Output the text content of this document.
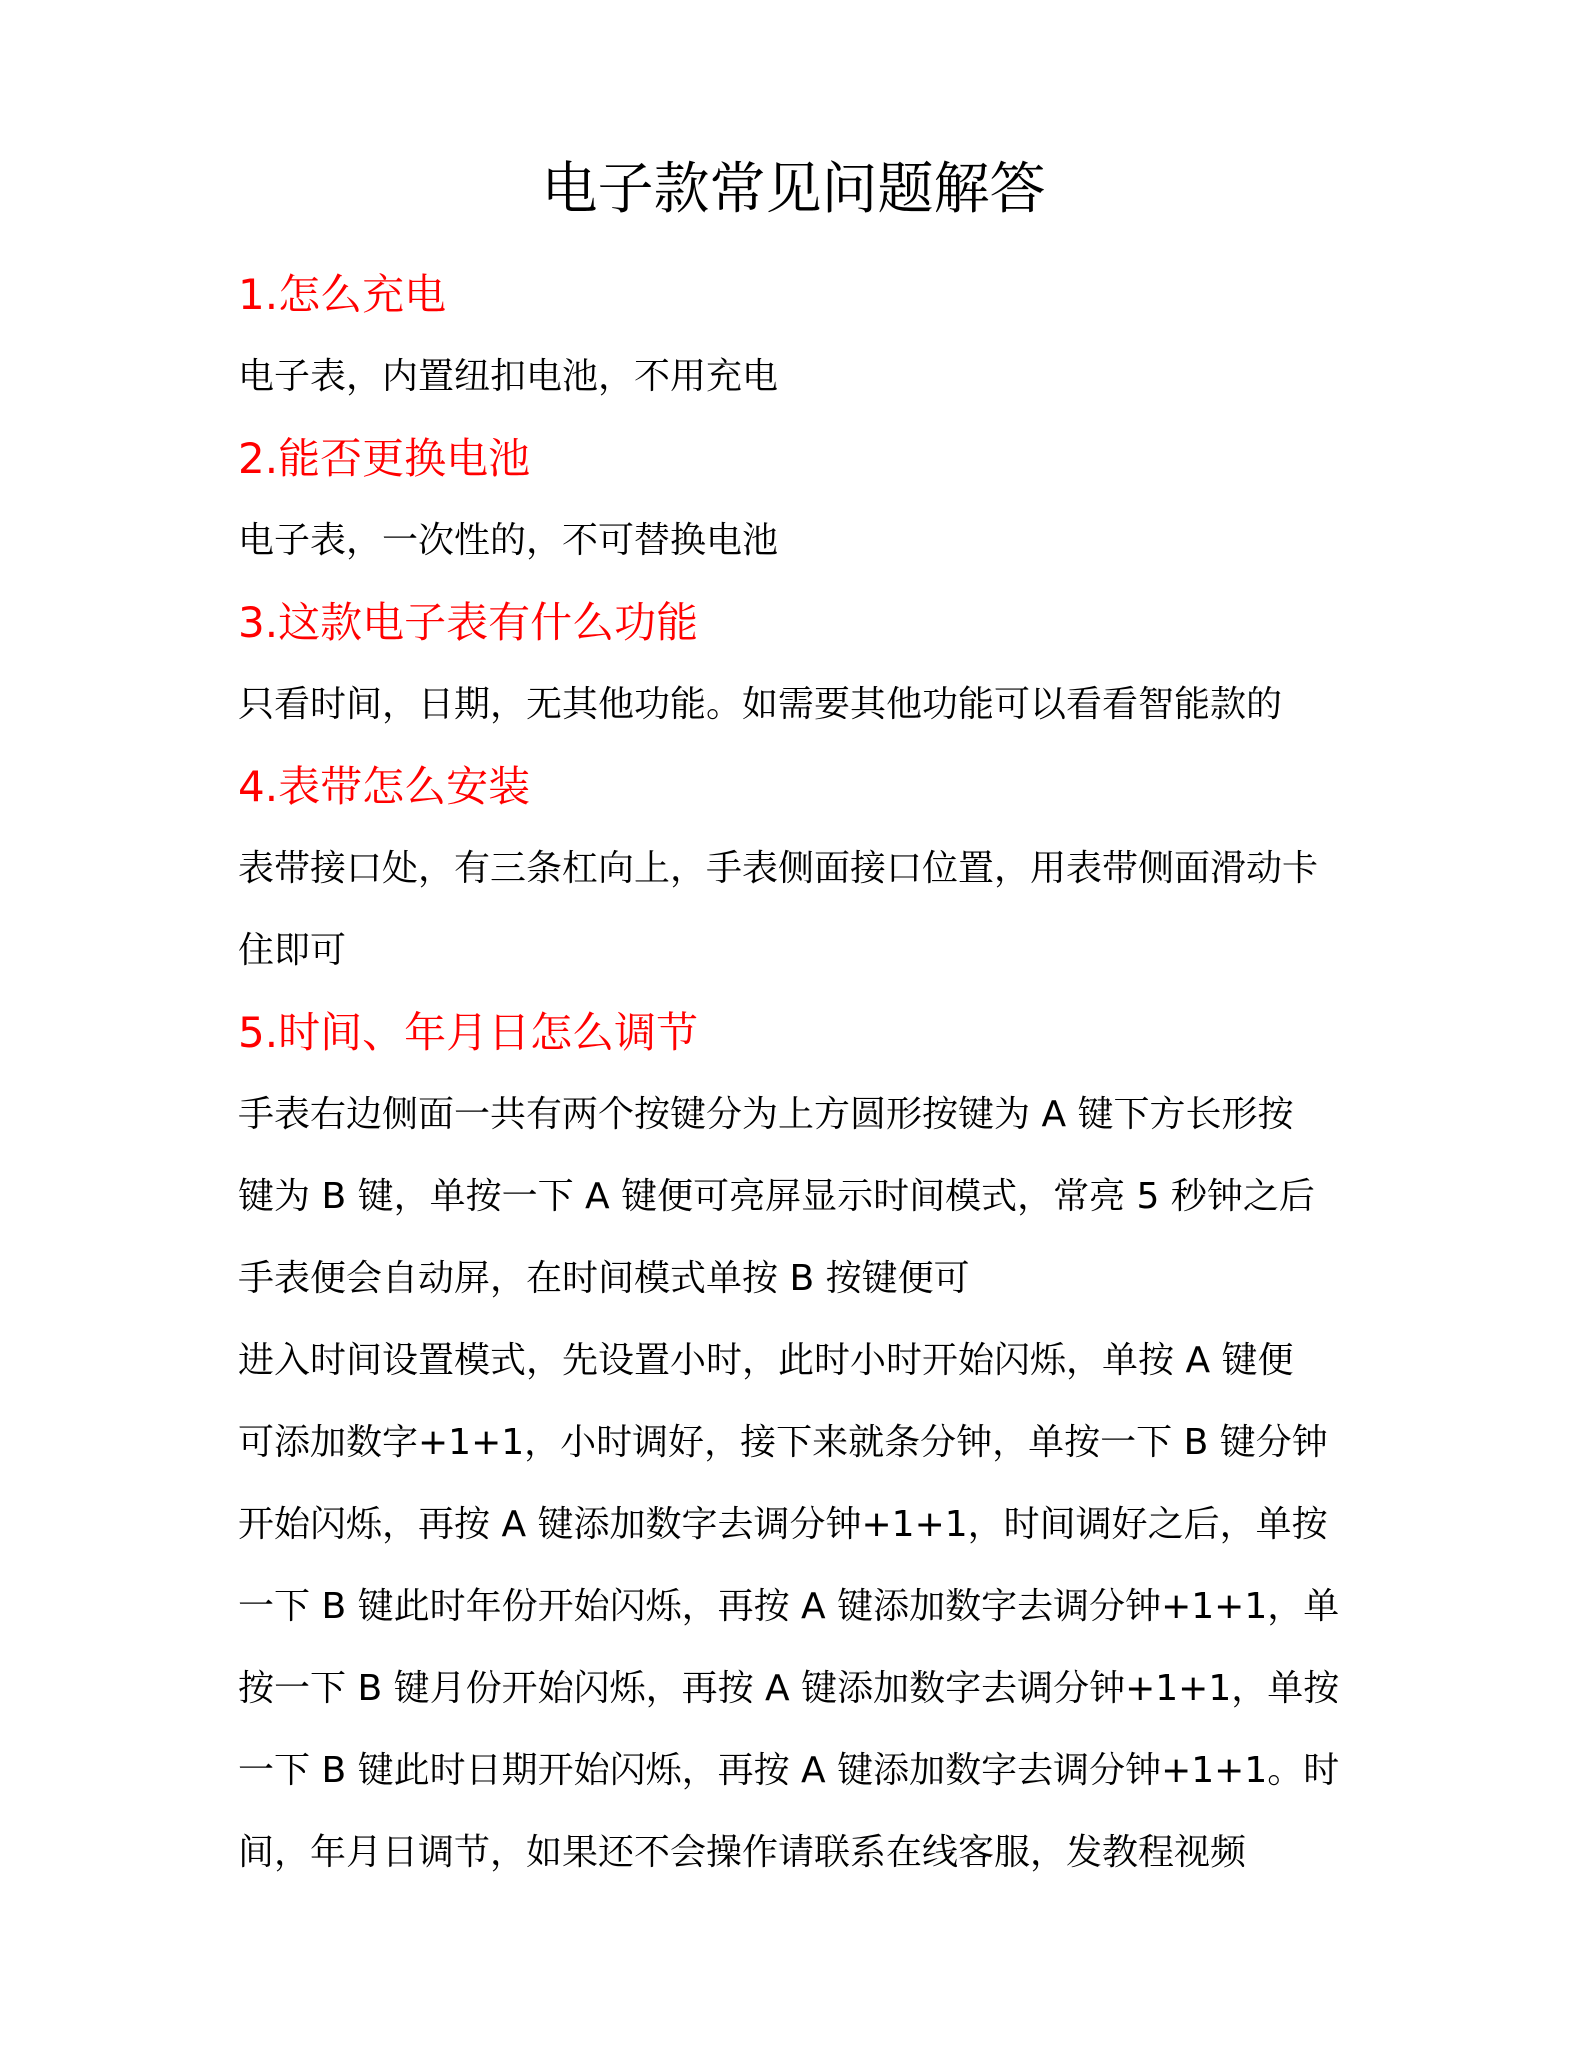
电子款常见问题解答
1.怎么充电

电子表，内置纽扣电池，不用充电

2.能否更换电池

电子表，一次性的，不可替换电池

3.这款电子表有什么功能

只看时间，日期，无其他功能。如需要其他功能可以看看智能款的

4.表带怎么安装

表带接口处，有三条杠向上，手表侧面接口位置，用表带侧面滑动卡
住即可

5.时间、年月日怎么调节

手表右边侧面一共有两个按键分为上方圆形按键为 A 键下方长形按
键为 B 键，单按一下 A 键便可亮屏显示时间模式，常亮 5 秒钟之后
手表便会自动屏，在时间模式单按 B 按键便可
进入时间设置模式，先设置小时，此时小时开始闪烁，单按 A 键便
可添加数字+1+1，小时调好，接下来就条分钟，单按一下 B 键分钟
开始闪烁，再按 A 键添加数字去调分钟+1+1，时间调好之后，单按
一下 B 键此时年份开始闪烁，再按 A 键添加数字去调分钟+1+1，单
按一下 B 键月份开始闪烁，再按 A 键添加数字去调分钟+1+1，单按
一下 B 键此时日期开始闪烁，再按 A 键添加数字去调分钟+1+1。时
间，年月日调节，如果还不会操作请联系在线客服，发教程视频
